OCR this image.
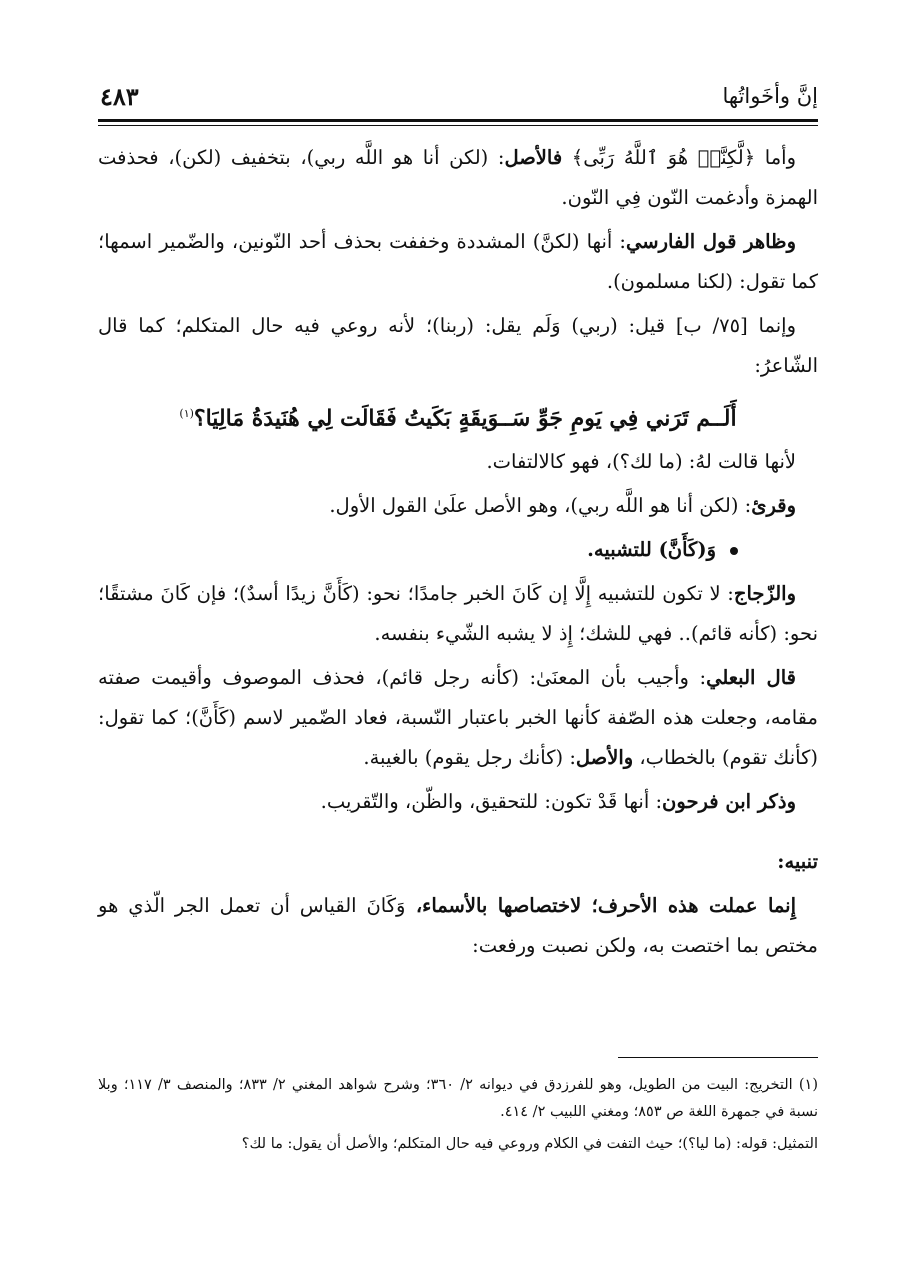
إنَّ وأخَواتُها
٤٨٣

وأما ﴿لَّكِنَّا۠ هُوَ ٱللَّهُ رَبِّى﴾ فالأصل: (لكن أنا هو اللَّه ربي)، بتخفيف (لكن)، فحذفت الهمزة وأدغمت النّون فِي النّون.

وظاهر قول الفارسي: أنها (لكنَّ) المشددة وخففت بحذف أحد النّونين، والضّمير اسمها؛ كما تقول: (لكنا مسلمون).

وإنما [٧٥/ ب] قيل: (ربي) وَلَم يقل: (ربنا)؛ لأنه روعي فيه حال المتكلم؛ كما قال الشّاعرُ:

أَلَــم تَرَني فِي يَومِ جَوِّ سَــوَيقَةٍ بَكَيتُ فَقَالَت لِي هُنَيدَةُ مَالِيَا؟$^{(١)}$

لأنها قالت لهُ: (ما لك؟)، فهو كالالتفات.

وقرئ: (لكن أنا هو اللَّه ربي)، وهو الأصل علَىٰ القول الأول.

وَ(كَأَنَّ) للتشبيه.

والزّجاج: لا تكون للتشبيه إِلَّا إن كَانَ الخبر جامدًا؛ نحو: (كَأَنَّ زيدًا أسدٌ)؛ فإن كَانَ مشتقًا؛ نحو: (كأنه قائم).. فهي للشك؛ إِذ لا يشبه الشّيء بنفسه.

قال البعلي: وأجيب بأن المعنَىٰ: (كأنه رجل قائم)، فحذف الموصوف وأقيمت صفته مقامه، وجعلت هذه الصّفة كأنها الخبر باعتبار النّسبة، فعاد الضّمير لاسم (كَأَنَّ)؛ كما تقول: (كأنك تقوم) بالخطاب، والأصل: (كأنك رجل يقوم) بالغيبة.

وذكر ابن فرحون: أنها قَدْ تكون: للتحقيق، والظّن، والتّقريب.

تنبيه:

إِنما عملت هذه الأحرف؛ لاختصاصها بالأسماء، وَكَانَ القياس أن تعمل الجر الّذي هو مختص بما اختصت به، ولكن نصبت ورفعت:

(١) التخريج: البيت من الطويل، وهو للفرزدق في ديوانه ٢/ ٣٦٠؛ وشرح شواهد المغني ٢/ ٨٣٣؛ والمنصف ٣/ ١١٧؛ وبلا نسبة في جمهرة اللغة ص ٨٥٣؛ ومغني اللبيب ٢/ ٤١٤.

التمثيل: قوله: (ما ليا؟)؛ حيث التفت في الكلام وروعي فيه حال المتكلم؛ والأصل أن يقول: ما لك؟
